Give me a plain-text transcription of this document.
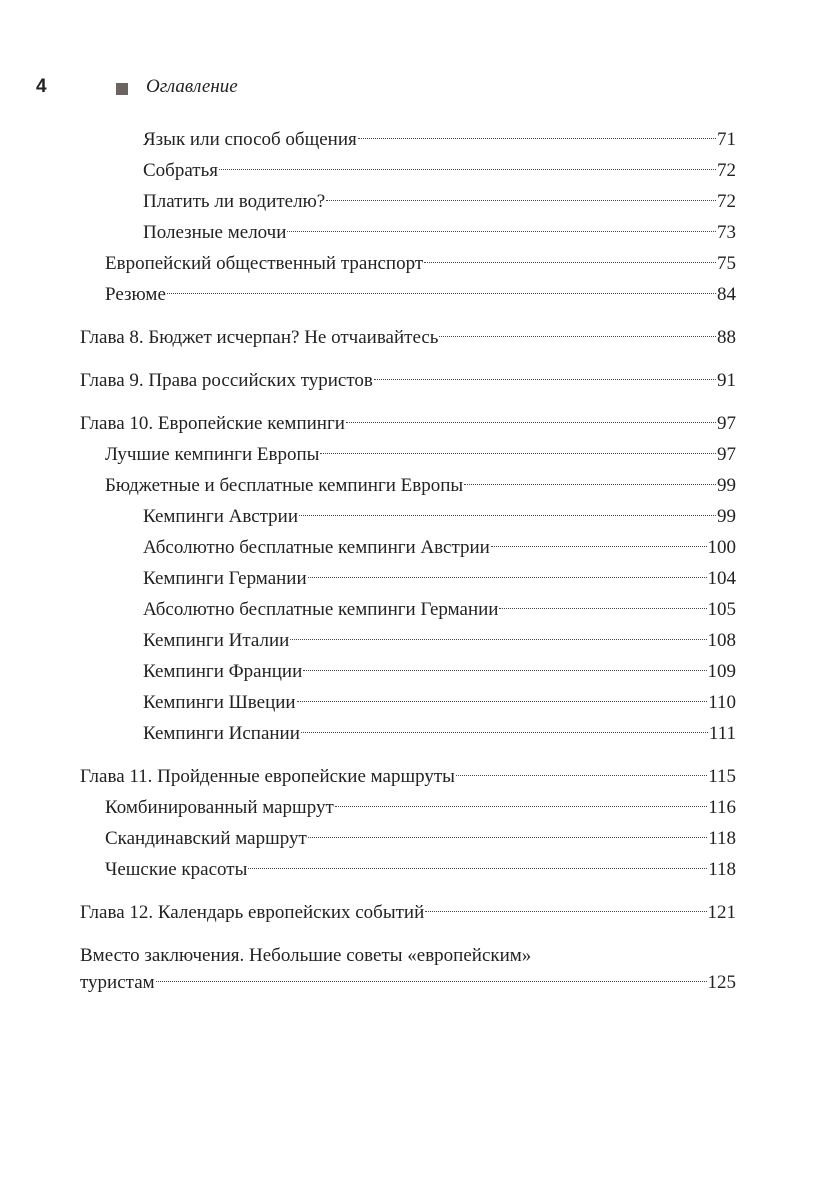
4	Оглавление
Язык или способ общения	71
Собратья	72
Платить ли водителю?	72
Полезные мелочи	73
Европейский общественный транспорт	75
Резюме	84
Глава 8. Бюджет исчерпан? Не отчаивайтесь	88
Глава 9. Права российских туристов	91
Глава 10. Европейские кемпинги	97
Лучшие кемпинги Европы	97
Бюджетные и бесплатные кемпинги Европы	99
Кемпинги Австрии	99
Абсолютно бесплатные кемпинги Австрии	100
Кемпинги Германии	104
Абсолютно бесплатные кемпинги Германии	105
Кемпинги Италии	108
Кемпинги Франции	109
Кемпинги Швеции	110
Кемпинги Испании	111
Глава 11. Пройденные европейские маршруты	115
Комбинированный маршрут	116
Скандинавский маршрут	118
Чешские красоты	118
Глава 12. Календарь европейских событий	121
Вместо заключения. Небольшие советы «европейским»
туристам	125
